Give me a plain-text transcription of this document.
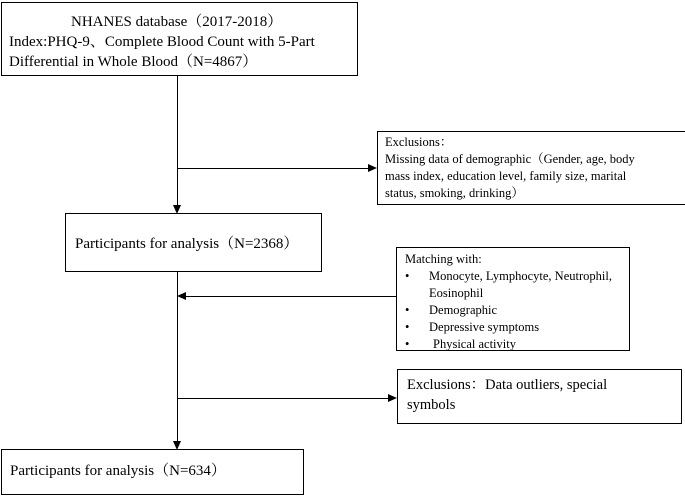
NHANES database（2017-2018）
Index:PHQ-9、Complete Blood Count with 5-Part
Differential in Whole Blood（N=4867）
Exclusions：
Missing data of demographic（Gender, age, body
mass index, education level, family size, marital
status, smoking, drinking）
Participants for analysis（N=2368）
Matching with:
• Monocyte, Lymphocyte, Neutrophil,
Eosinophil
• Demographic
• Depressive symptoms
• Physical activity
Exclusions：Data outliers, special
symbols
Participants for analysis（N=634）
